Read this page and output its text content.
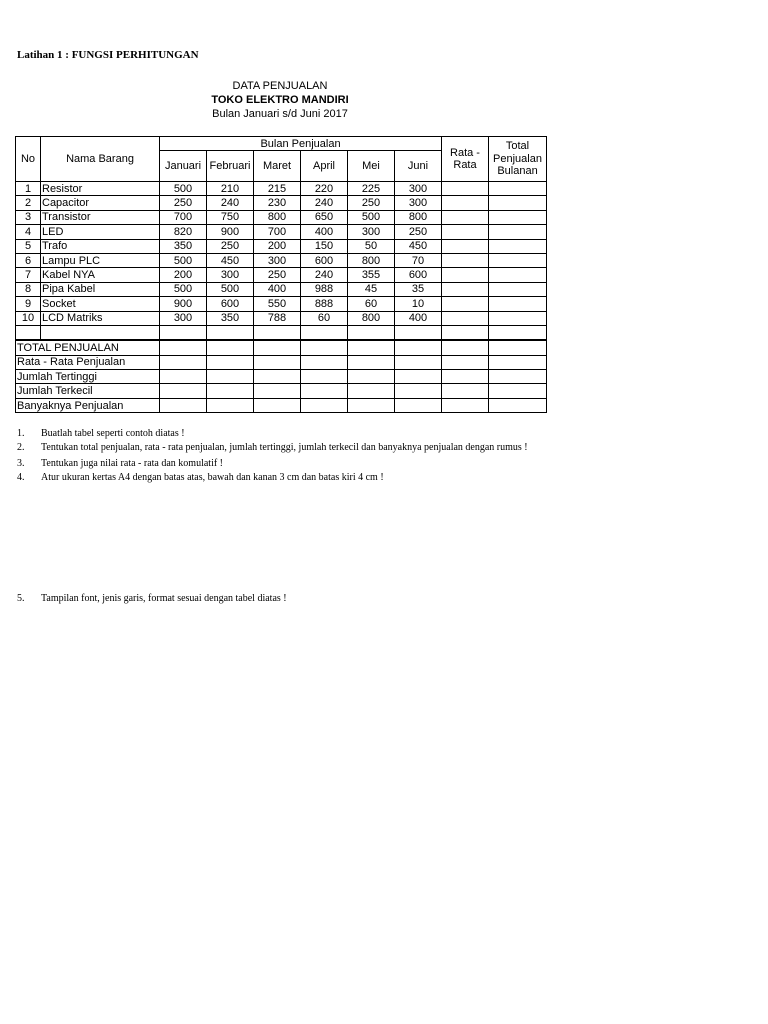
Latihan 1 : FUNGSI PERHITUNGAN
DATA PENJUALAN
TOKO ELEKTRO MANDIRI
Bulan Januari s/d Juni 2017
No	Nama Barang	Bulan Penjualan						Rata - Rata	Total Penjualan Bulanan
		Januari	Februari	Maret	April	Mei	Juni		
1	Resistor	500	210	215	220	225	300		
2	Capacitor	250	240	230	240	250	300		
3	Transistor	700	750	800	650	500	800		
4	LED	820	900	700	400	300	250		
5	Trafo	350	250	200	150	50	450		
6	Lampu PLC	500	450	300	600	800	70		
7	Kabel NYA	200	300	250	240	355	600		
8	Pipa Kabel	500	500	400	988	45	35		
9	Socket	900	600	550	888	60	10		
10	LCD Matriks	300	350	788	60	800	400		

TOTAL PENJUALAN									
Rata - Rata Penjualan									
Jumlah Tertinggi									
Jumlah Terkecil									
Banyaknya Penjualan									
1. Buatlah tabel seperti contoh diatas !
2. Tentukan total penjualan, rata - rata penjualan, jumlah tertinggi, jumlah terkecil dan banyaknya penjualan dengan rumus !
3. Tentukan juga nilai rata - rata dan komulatif !
4. Atur ukuran kertas A4 dengan batas atas, bawah dan kanan 3 cm dan batas kiri 4 cm !
5. Tampilan font, jenis garis, format sesuai dengan tabel diatas !
